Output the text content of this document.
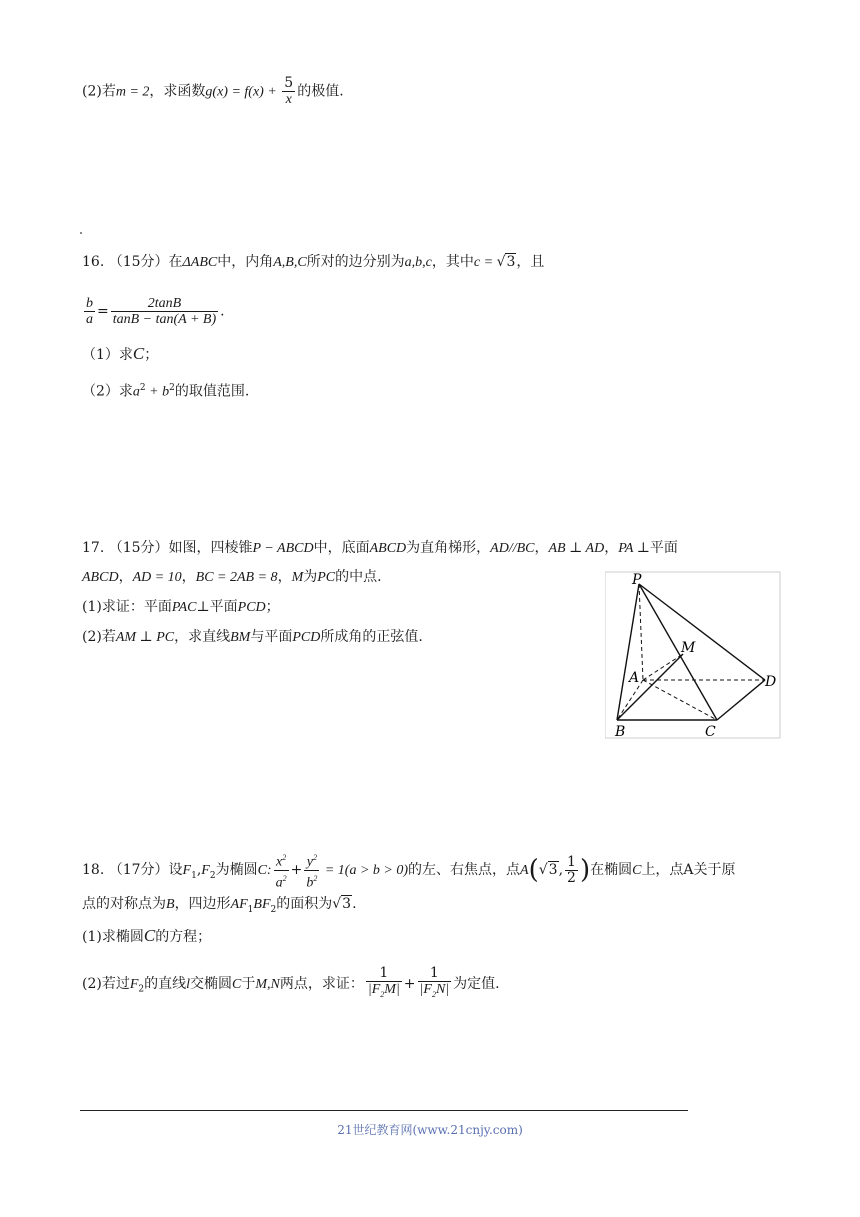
(2)若m = 2，求函数$g(x) = f(x) + \frac{5}{x}$ 的极值.
16. （15分）在ΔABC中，内角A,B,C所对的边分别为a,b,c，其中c = √3，且
$\frac{b}{a} = \frac{2\tan B}{\tan B - \tan(A + B)}$ .
（1）求C；
（2）求$a^2 + b^2$的取值范围.
17. （15分）如图，四棱锥P − ABCD中，底面ABCD为直角梯形，AD//BC，AB ⊥ AD，PA ⊥平面
ABCD，AD = 10，BC = 2AB = 8，M为PC的中点.
(1)求证：平面PAC⊥平面PCD；
(2)若AM ⊥ PC，求直线BM与平面PCD所成角的正弦值.
P
M
A	D
B	C
18. （17分）设$F_1,F_2$为椭圆C: $\frac{x^2}{a^2} + \frac{y^2}{b^2} = 1(a > b > 0)$的左、右焦点，点A(√3, $\frac{1}{2}$ )在椭圆C上，点A关于原
点的对称点为B，四边形$AF_1BF_2$的面积为√3.
(1)求椭圆C的方程；
(2)若过$F_2$的直线l交椭圆C于M,N两点，求证： $\frac{1}{|F_2M|} + \frac{1}{|F_2N|}$ 为定值.
21世纪教育网(www.21cnjy.com)
